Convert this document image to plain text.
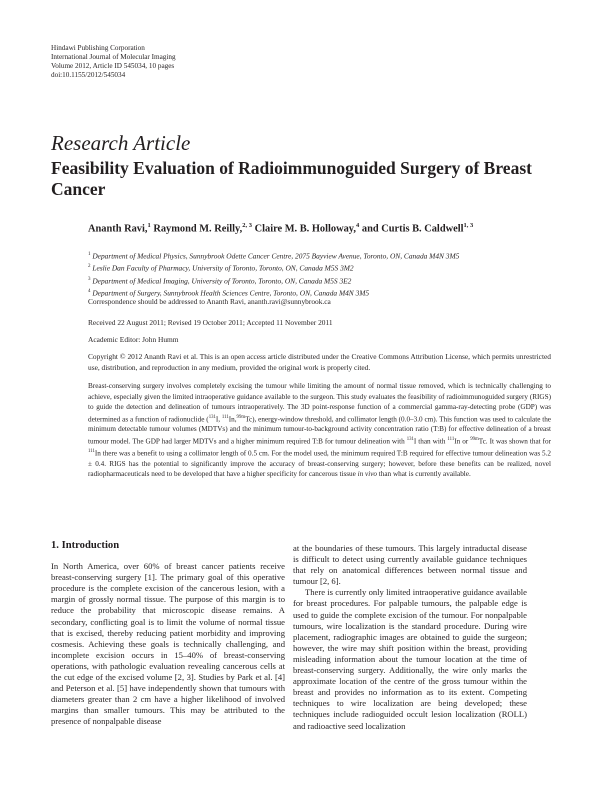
Hindawi Publishing Corporation
International Journal of Molecular Imaging
Volume 2012, Article ID 545034, 10 pages
doi:10.1155/2012/545034
Research Article
Feasibility Evaluation of Radioimmunoguided Surgery of Breast Cancer
Ananth Ravi,$^1$ Raymond M. Reilly,$^{2, 3}$ Claire M. B. Holloway,$^4$ and Curtis B. Caldwell$^{1, 3}$
$^1$ Department of Medical Physics, Sunnybrook Odette Cancer Centre, 2075 Bayview Avenue, Toronto, ON, Canada M4N 3M5
$^2$ Leslie Dan Faculty of Pharmacy, University of Toronto, Toronto, ON, Canada M5S 3M2
$^3$ Department of Medical Imaging, University of Toronto, Toronto, ON, Canada M5S 3E2
$^4$ Department of Surgery, Sunnybrook Health Sciences Centre, Toronto, ON, Canada M4N 3M5
Correspondence should be addressed to Ananth Ravi, ananth.ravi@sunnybrook.ca
Received 22 August 2011; Revised 19 October 2011; Accepted 11 November 2011
Academic Editor: John Humm
Copyright © 2012 Ananth Ravi et al. This is an open access article distributed under the Creative Commons Attribution License, which permits unrestricted use, distribution, and reproduction in any medium, provided the original work is properly cited.
Breast-conserving surgery involves completely excising the tumour while limiting the amount of normal tissue removed, which is technically challenging to achieve, especially given the limited intraoperative guidance available to the surgeon. This study evaluates the feasibility of radioimmunoguided surgery (RIGS) to guide the detection and delineation of tumours intraoperatively. The 3D point-response function of a commercial gamma-ray-detecting probe (GDP) was determined as a function of radionuclide ($^{131}$I, $^{111}$In,$^{99m}$Tc), energy-window threshold, and collimator length (0.0–3.0 cm). This function was used to calculate the minimum detectable tumour volumes (MDTVs) and the minimum tumour-to-background activity concentration ratio (T:B) for effective delineation of a breast tumour model. The GDP had larger MDTVs and a higher minimum required T:B for tumour delineation with $^{131}$I than with $^{111}$In or $^{99m}$Tc. It was shown that for $^{111}$In there was a benefit to using a collimator length of 0.5 cm. For the model used, the minimum required T:B required for effective tumour delineation was 5.2 ± 0.4. RIGS has the potential to significantly improve the accuracy of breast-conserving surgery; however, before these benefits can be realized, novel radiopharmaceuticals need to be developed that have a higher specificity for cancerous tissue in vivo than what is currently available.
1. Introduction

In North America, over 60% of breast cancer patients receive breast-conserving surgery [1]. The primary goal of this operative procedure is the complete excision of the cancerous lesion, with a margin of grossly normal tissue. The purpose of this margin is to reduce the probability that microscopic disease remains. A secondary, conflicting goal is to limit the volume of normal tissue that is excised, thereby reducing patient morbidity and improving cosmesis. Achieving these goals is technically challenging, and incomplete excision occurs in 15–40% of breast-conserving operations, with pathologic evaluation revealing cancerous cells at the cut edge of the excised volume [2, 3]. Studies by Park et al. [4] and Peterson et al. [5] have independently shown that tumours with diameters greater than 2 cm have a higher likelihood of involved margins than smaller tumours. This may be attributed to the presence of nonpalpable disease

at the boundaries of these tumours. This largely intraductal disease is difficult to detect using currently available guidance techniques that rely on anatomical differences between normal tissue and tumour [2, 6].

There is currently only limited intraoperative guidance available for breast procedures. For palpable tumours, the palpable edge is used to guide the complete excision of the tumour. For nonpalpable tumours, wire localization is the standard procedure. During wire placement, radiographic images are obtained to guide the surgeon; however, the wire may shift position within the breast, providing misleading information about the tumour location at the time of breast-conserving surgery. Additionally, the wire only marks the approximate location of the centre of the gross tumour within the breast and provides no information as to its extent. Competing techniques to wire localization are being developed; these techniques include radioguided occult lesion localization (ROLL) and radioactive seed localization
